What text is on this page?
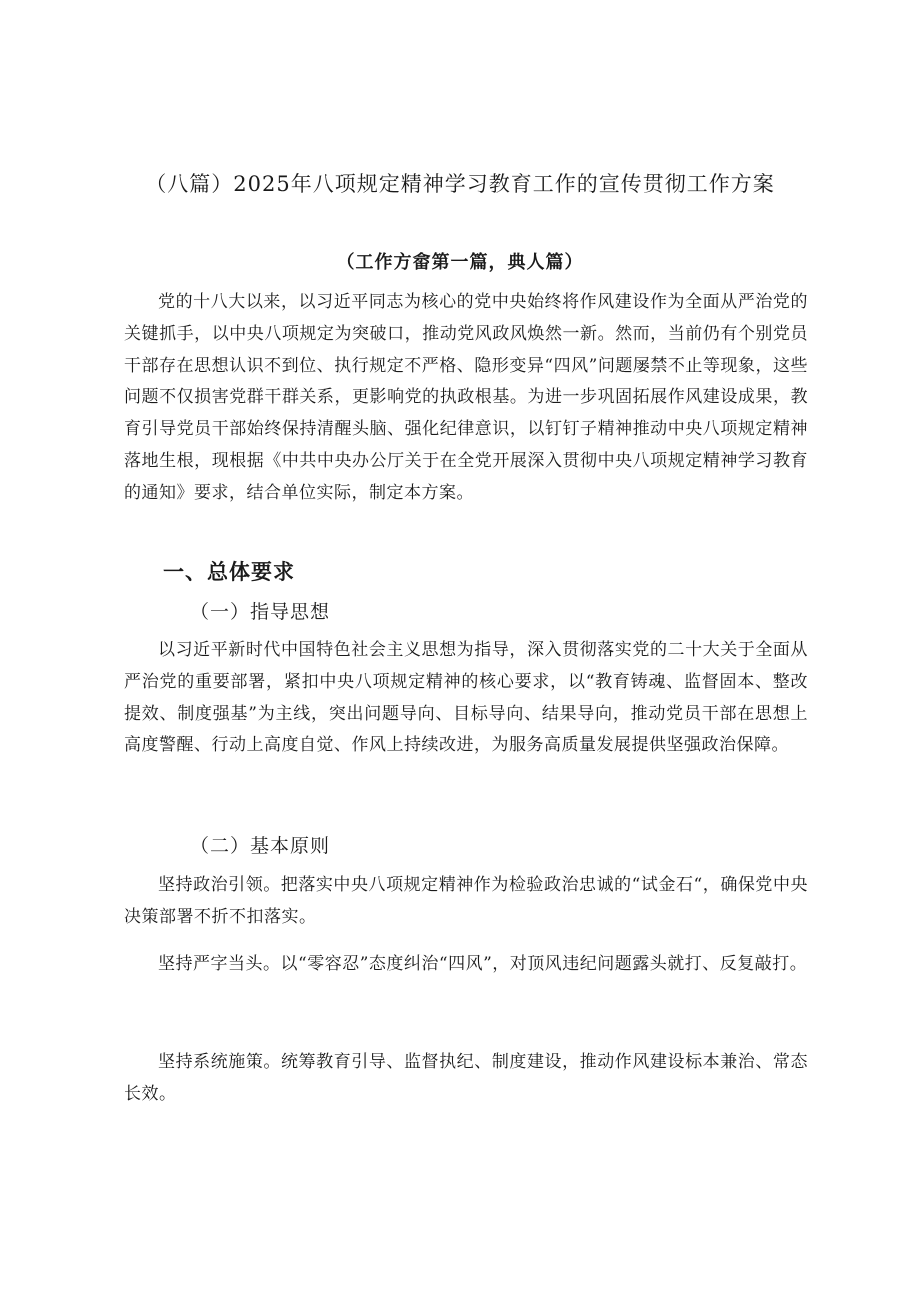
（八篇）2025年八项规定精神学习教育工作的宣传贯彻工作方案
（工作方畲第一篇，典人篇）

党的十八大以来，以习近平同志为核心的党中央始终将作风建设作为全面从严治党的关键抓手，以中央八项规定为突破口，推动党风政风焕然一新。然而，当前仍有个别党员干部存在思想认识不到位、执行规定不严格、隐形变异“四风”问题屡禁不止等现象，这些问题不仅损害党群干群关系，更影响党的执政根基。为进一步巩固拓展作风建设成果，教育引导党员干部始终保持清醒头脑、强化纪律意识，以钉钉子精神推动中央八项规定精神落地生根，现根据《中共中央办公厅关于在全党开展深入贯彻中央八项规定精神学习教育的通知》要求，结合单位实际，制定本方案。

一、总体要求
（一）指导思想

以习近平新时代中国特色社会主义思想为指导，深入贯彻落实党的二十大关于全面从严治党的重要部署，紧扣中央八项规定精神的核心要求，以“教育铸魂、监督固本、整改提效、制度强基”为主线，突出问题导向、目标导向、结果导向，推动党员干部在思想上高度警醒、行动上高度自觉、作风上持续改进，为服务高质量发展提供坚强政治保障。

（二）基本原则

坚持政治引领。把落实中央八项规定精神作为检验政治忠诚的“试金石“，确保党中央决策部署不折不扣落实。

坚持严字当头。以“零容忍”态度纠治“四风”，对顶风违纪问题露头就打、反复敲打。

坚持系统施策。统筹教育引导、监督执纪、制度建设，推动作风建设标本兼治、常态长效。
